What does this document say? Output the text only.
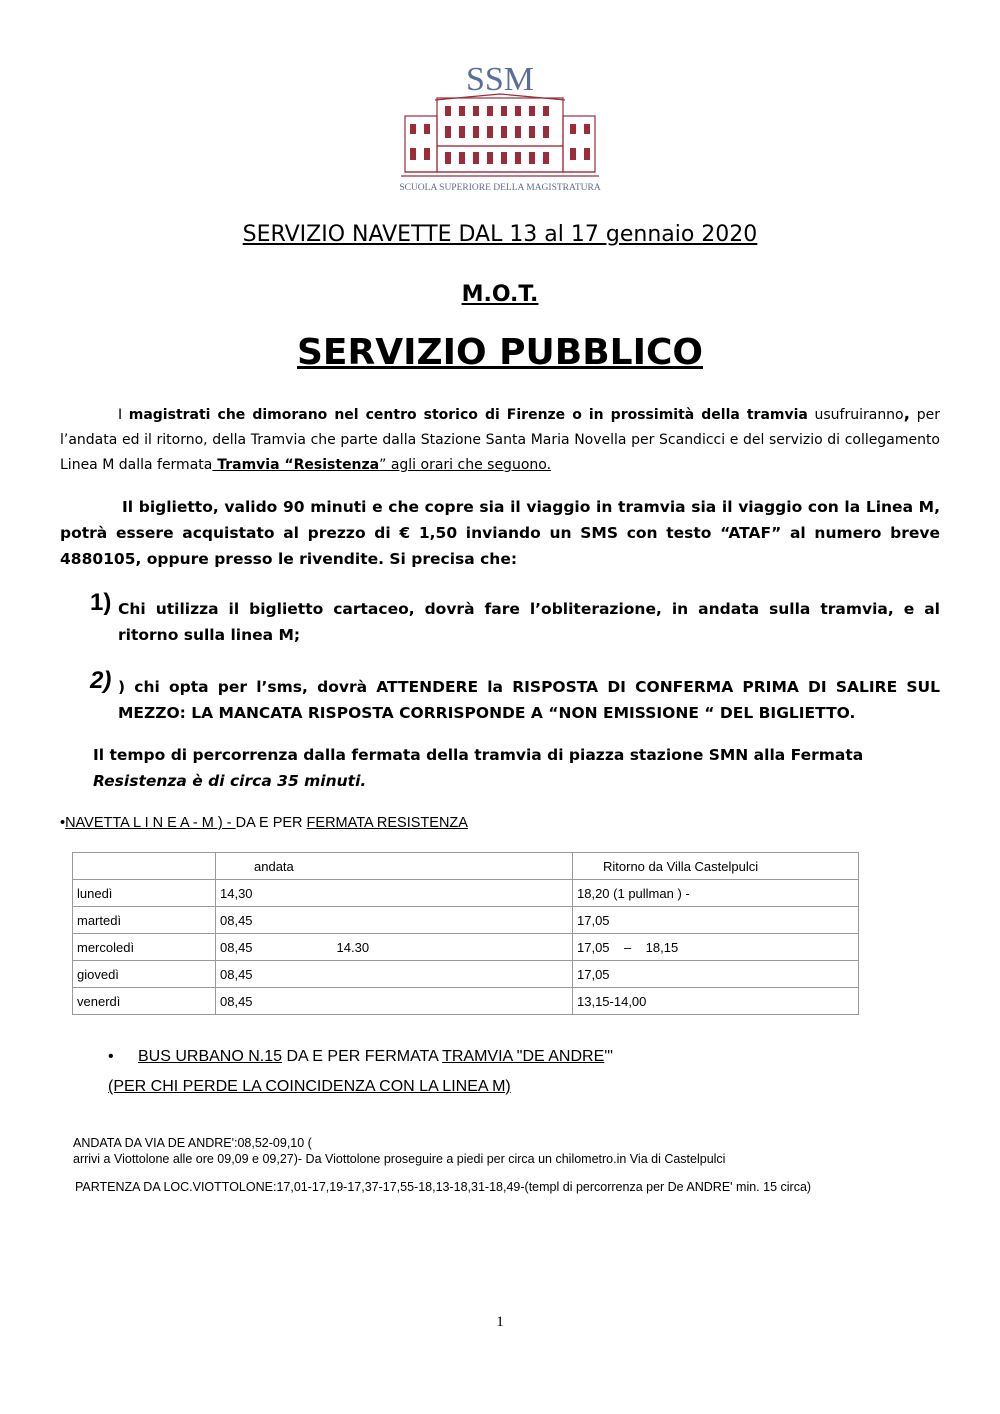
SSM
SCUOLA SUPERIORE DELLA MAGISTRATURA
SERVIZIO NAVETTE DAL 13 al 17 gennaio 2020
M.O.T.
SERVIZIO PUBBLICO
I magistrati che dimorano nel centro storico di Firenze o in prossimità della tramvia usufruiranno, per l’andata ed il ritorno, della Tramvia che parte dalla Stazione Santa Maria Novella per Scandicci e del servizio di collegamento Linea M dalla fermata Tramvia “Resistenza” agli orari che seguono.
Il biglietto, valido 90 minuti e che copre sia il viaggio in tramvia sia il viaggio con la Linea M, potrà essere acquistato al prezzo di € 1,50 inviando un SMS con testo “ATAF” al numero breve 4880105, oppure presso le rivendite. Si precisa che:
1) Chi utilizza il biglietto cartaceo, dovrà fare l’obliterazione, in andata sulla tramvia, e al ritorno sulla linea M;
2) ) chi opta per l’sms, dovrà ATTENDERE la RISPOSTA DI CONFERMA PRIMA DI SALIRE SUL MEZZO: LA MANCATA RISPOSTA CORRISPONDE A “NON EMISSIONE “ DEL BIGLIETTO.
Il tempo di percorrenza dalla fermata della tramvia di piazza stazione SMN alla Fermata Resistenza è di circa 35 minuti.
•NAVETTA L I N E A - M ) - DA E PER FERMATA RESISTENZA
	andata	Ritorno da Villa Castelpulci
lunedì	14,30	18,20 (1 pullman ) -
martedì	08,45	17,05
mercoledì	08,45 14.30	17,05    –    18,15
giovedì	08,45	17,05
venerdì	08,45	13,15-14,00
• BUS URBANO N.15 DA E PER FERMATA TRAMVIA "DE ANDRE'"
(PER CHI PERDE LA COINCIDENZA CON LA LINEA M)
ANDATA DA VIA DE ANDRE':08,52-09,10 (
arrivi a Viottolone alle ore 09,09 e 09,27)- Da Viottolone proseguire a piedi per circa un chilometro.in Via di Castelpulci
PARTENZA DA LOC.VIOTTOLONE:17,01-17,19-17,37-17,55-18,13-18,31-18,49-(templ di percorrenza per De ANDRE' min. 15 circa)
1
